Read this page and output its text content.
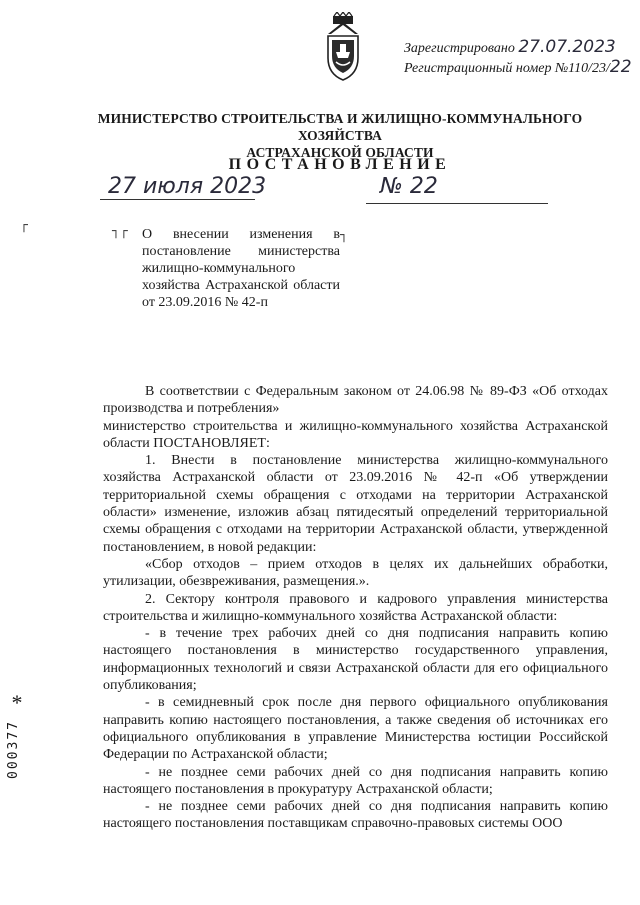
Зарегистрировано 27.07.2023
Регистрационный номер №110/23/22
МИНИСТЕРСТВО СТРОИТЕЛЬСТВА И ЖИЛИЩНО-КОММУНАЛЬНОГО ХОЗЯЙСТВА
АСТРАХАНСКОЙ ОБЛАСТИ
ПОСТАНОВЛЕНИЕ
27 июля 2023	№ 22
┌	┐┌	┐
О внесении изменения в постановление министерства жилищно-коммунального хозяйства Астраханской области от 23.09.2016 № 42-п

В соответствии с Федеральным законом от 24.06.98 № 89-ФЗ «Об отходах производства и потребления»

министерство строительства и жилищно-коммунального хозяйства Астраханской области ПОСТАНОВЛЯЕТ:

1. Внести в постановление министерства жилищно-коммунального хозяйства Астраханской области от 23.09.2016 № 42-п «Об утверждении территориальной схемы обращения с отходами на территории Астраханской области» изменение, изложив абзац пятидесятый определений территориальной схемы обращения с отходами на территории Астраханской области, утвержденной постановлением, в новой редакции:

«Сбор отходов – прием отходов в целях их дальнейших обработки, утилизации, обезвреживания, размещения.».

2. Сектору контроля правового и кадрового управления министерства строительства и жилищно-коммунального хозяйства Астраханской области:

- в течение трех рабочих дней со дня подписания направить копию настоящего постановления в министерство государственного управления, информационных технологий и связи Астраханской области для его официального опубликования;

- в семидневный срок после дня первого официального опубликования направить копию настоящего постановления, а также сведения об источниках его официального опубликования в управление Министерства юстиции Российской Федерации по Астраханской области;

- не позднее семи рабочих дней со дня подписания направить копию настоящего постановления в прокуратуру Астраханской области;

- не позднее семи рабочих дней со дня подписания направить копию настоящего постановления поставщикам справочно-правовых системы ООО

*
000377
